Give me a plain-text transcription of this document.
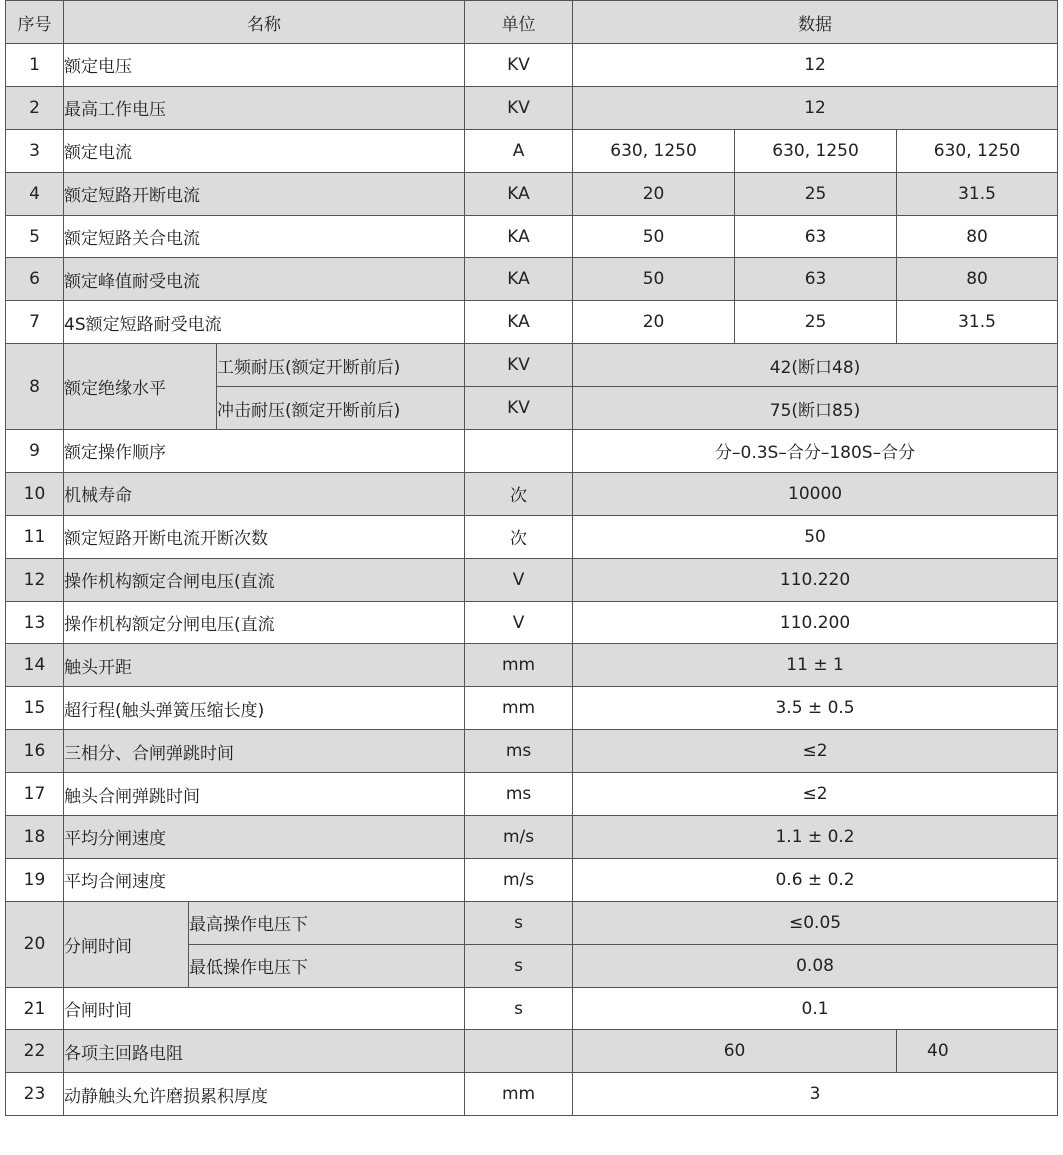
序号	名称			单位	数据		
1	额定电压			KV	12		
2	最高工作电压			KV	12		
3	额定电流			A	630, 1250	630, 1250	630, 1250
4	额定短路开断电流			KA	20	25	31.5
5	额定短路关合电流			KA	50	63	80
6	额定峰值耐受电流			KA	50	63	80
7	4S额定短路耐受电流			KA	20	25	31.5
8	额定绝缘水平		工频耐压(额定开断前后)	KV	42(断口48)		
			冲击耐压(额定开断前后)	KV	75(断口85)		
9	额定操作顺序				分–0.3S–合分–180S–合分		
10	机械寿命			次	10000		
11	额定短路开断电流开断次数			次	50		
12	操作机构额定合闸电压(直流			V	110.220		
13	操作机构额定分闸电压(直流			V	110.200		
14	触头开距			mm	11 ± 1		
15	超行程(触头弹簧压缩长度)			mm	3.5 ± 0.5		
16	三相分、合闸弹跳时间			ms	≤2		
17	触头合闸弹跳时间			ms	≤2		
18	平均分闸速度			m/s	1.1 ± 0.2		
19	平均合闸速度			m/s	0.6 ± 0.2		
20	分闸时间	最高操作电压下		s	≤0.05		
		最低操作电压下		s	0.08		
21	合闸时间			s	0.1		
22	各项主回路电阻				60		40
23	动静触头允许磨损累积厚度			mm	3		
